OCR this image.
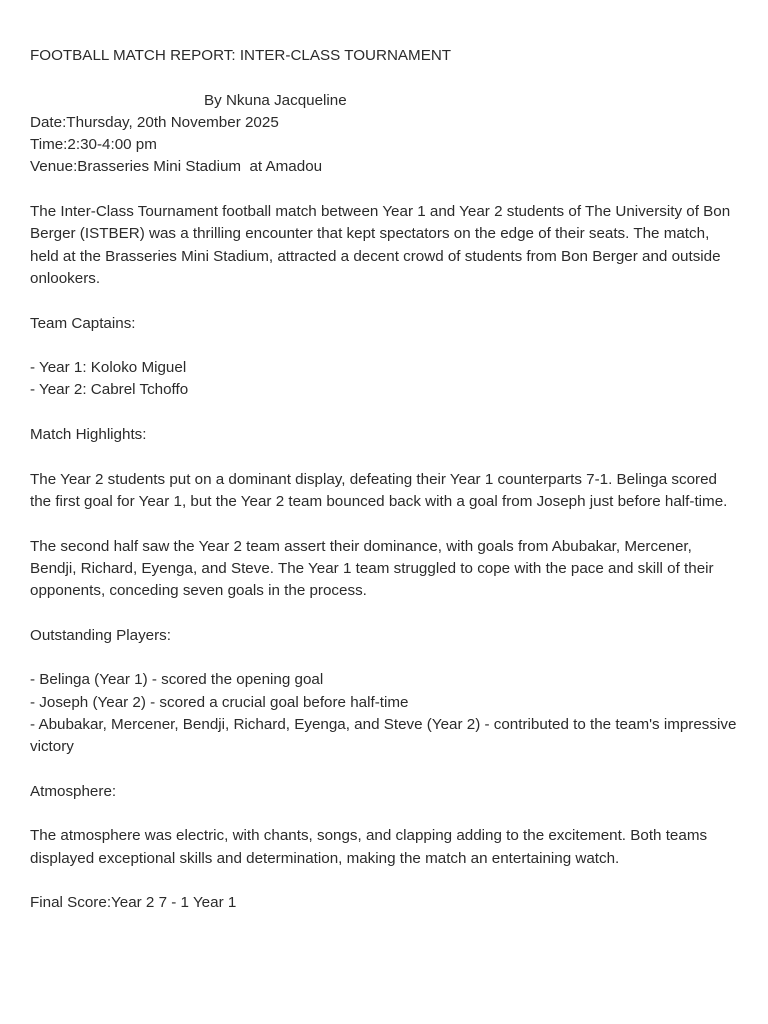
FOOTBALL MATCH REPORT: INTER-CLASS TOURNAMENT
By Nkuna Jacqueline
Date:Thursday, 20th November 2025
Time:2:30-4:00 pm
Venue:Brasseries Mini Stadium  at Amadou

The Inter-Class Tournament football match between Year 1 and Year 2 students of The University of Bon Berger (ISTBER) was a thrilling encounter that kept spectators on the edge of their seats. The match, held at the Brasseries Mini Stadium, attracted a decent crowd of students from Bon Berger and outside onlookers.

Team Captains:
- Year 1: Koloko Miguel
- Year 2: Cabrel Tchoffo
Match Highlights:

The Year 2 students put on a dominant display, defeating their Year 1 counterparts 7-1. Belinga scored the first goal for Year 1, but the Year 2 team bounced back with a goal from Joseph just before half-time.

The second half saw the Year 2 team assert their dominance, with goals from Abubakar, Mercener, Bendji, Richard, Eyenga, and Steve. The Year 1 team struggled to cope with the pace and skill of their opponents, conceding seven goals in the process.

Outstanding Players:
- Belinga (Year 1) - scored the opening goal
- Joseph (Year 2) - scored a crucial goal before half-time
- Abubakar, Mercener, Bendji, Richard, Eyenga, and Steve (Year 2) - contributed to the team's impressive victory
Atmosphere:

The atmosphere was electric, with chants, songs, and clapping adding to the excitement. Both teams displayed exceptional skills and determination, making the match an entertaining watch.

Final Score:Year 2 7 - 1 Year 1
